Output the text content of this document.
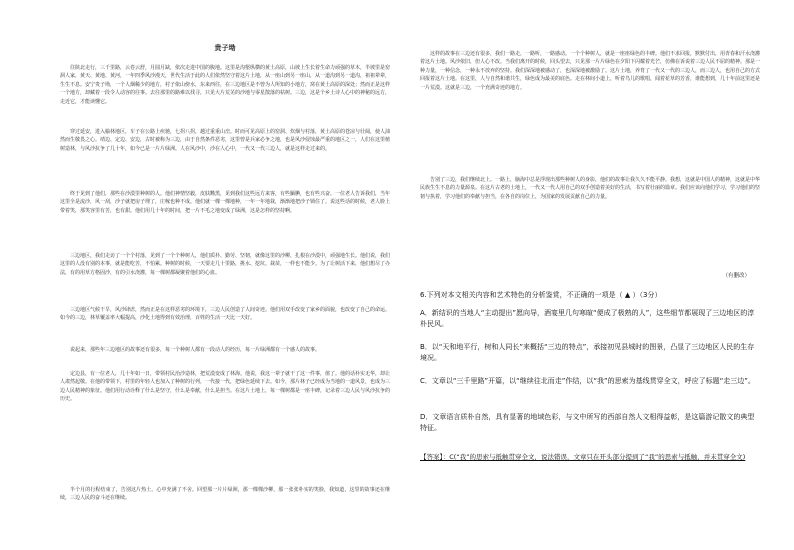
贵子坳

往陕北走行，三千里路，云卷云舒，月圆月缺，依次走进中国的腹地。这里是沟壑纵横的黄土高原，山坡上生长着生命力顽强的草木，半坡里是窑洞人家，黄天、黄地、黄河，一年四季风沙漫天，世代生活于此的人们依然坚守着这片土地，从一座山到另一座山，从一道沟到另一道沟，祖祖辈辈，生生不息。安宁贵子坳，一个人烟稀少的地方，村子依山傍水，东来西往，在三边地区是不曾为人所知的小地方，窝在黄土高原的深处；然而正是这样一个地方，却藏着一段令人动容的往事。去往那里的路难以找寻，只见大片荒芜的沙地与零星散落的枯树。三边，这是个乡土诗人心中的神秘的远方，走近它，才能读懂它。

穿过延安，进入榆林地区，车子在公路上疾驰，七拐八拐，越过重重山峦。时而可见高原上的窑洞、炊烟与村落，黄土高原的苍凉与壮阔，使人油然而生敬畏之心。靖边、定边、安边，古时被称为三边，由于自然条件恶劣，这里曾是兵家必争之地，也是风沙侵蚀最严重的地区之一，人们在这里植树造林，与风沙抗争了几十年，如今已是一片片绿洲。人在风沙中，沙在人心中，一代又一代三边人，就是这样走过来的。

终于见到了他们，那些在沙漠里种树的人。他们神情坚毅，皮肤黝黑，见到我们这些远方来客，有些腼腆，也有些兴奋。一位老人告诉我们，当年这里全是流沙，风一刮，沙子就把房子埋了，庄稼也种不成。他们就一棵一棵地种，一年一年地栽，渐渐地把沙子锁住了。说这些话的时候，老人脸上带着笑，那笑容里有苦，也有甜。他们用几十年的时间，把一片不毛之地变成了绿洲，这是怎样的坚持啊。

三边地区，我们走访了一个个村落，见到了一个个种树人，他们质朴、勤劳、坚韧，就像这里的沙柳，扎根在沙漠中，顽强地生长。他们说，我们这里的人没有别的本事，就是能吃苦，不怕累。种树的时候，一天要走几十里路，挑水、挖坑、栽苗，一样也不能少。为了让树活下来，他们想尽了办法，有的用草方格固沙，有的引水浇灌，每一棵树都凝聚着他们的心血。

三边地区气候干旱，风沙肆虐，然而正是在这样恶劣的环境下，三边人民创造了人间奇迹。他们用双手改变了家乡的面貌，也改变了自己的命运。如今的三边，林草覆盖率大幅提高，沙化土地得到有效治理，百姓的生活一天比一天好。

说起来，那些年三边地区的故事还有很多，每一个种树人都有一段动人的经历，每一片绿洲都有一个感人的故事。

定边县，有一位老人，几十年如一日，带领村民治沙造林，把荒漠变成了林海。他说，我这一辈子就干了这一件事，值了。他的话朴实无华，却让人肃然起敬。在他的带领下，村里的年轻人也加入了种树的行列，一代接一代，把绿色延续下去。如今，那片林子已经成为当地的一道风景，也成为三边人民精神的象征。他们用行动诠释了什么是坚守，什么是奉献，什么是担当。在这片土地上，每一棵树都是一座丰碑，记录着三边人民与风沙抗争的历史。

半个月的行程结束了，告别这片热土，心中充满了不舍。回望那一片片绿洲，那一棵棵沙柳，那一张张朴实的笑脸，我知道，这里的故事还在继续，三边人民的奋斗还在继续。

这样的故事在三边还有很多，我们一路走，一路听，一路感动。一个个种树人，就是一座座绿色的丰碑。他们不求回报，默默付出，用青春和汗水浇灌着这片土地。风沙依旧，但人心不改。当我们离开的时候，回头望去，只见那一片片绿色在夕阳下闪耀着光芒，仿佛在诉说着三边人民不屈的精神。那是一种力量，一种信念，一种永不放弃的坚持。我们深深地被感动了，也深深地被激励了。这片土地，养育了一代又一代的三边人，而三边人，也用自己的方式回报着这片土地。在这里，人与自然和谐共生，绿色成为最美的底色。走在林间小道上，听着鸟儿的歌唱，闻着花草的芳香，谁能想到，几十年前这里还是一片荒漠。这就是三边，一个充满奇迹的地方。

告别了三边，我们继续北上。一路上，脑海中总是浮现出那些种树人的身影，他们的故事让我久久不能平静。我想，这就是中国人的精神，这就是中华民族生生不息的力量源泉。在这片古老的土地上，一代又一代人用自己的双手创造着美好的生活，书写着壮丽的篇章。我们应该向他们学习，学习他们的坚韧与执着，学习他们的奉献与担当，在各自的岗位上，为国家的发展贡献自己的力量。

（有删改）
6.下列对本文相关内容和艺术特色的分析鉴赏，不正确的一项是（ ▲ ）（3分）
A．新结识的当地人“主动提出”愿向导，酒宴里几句寒暄“便成了极熟的人”，这些细节都展现了三边地区的淳朴民风。
B．以“天和地平行，树和人同长”来概括“三边的特点”，承接初见县城时的图景，凸显了三边地区人民的生存境况。
C．文章以“三千里路”开篇，以“继续往北而走”作结，以“我”的思索为基线贯穿全文，呼应了标题“走三边”。
D．文章语言质朴自然，具有显著的地域色彩，与文中所写的西部自然人文相得益彰，是这篇游记散文的典型特征。
【答案】：C(“我”的思索与抵触贯穿全文，说法错误，文章只在开头部分提到了“我”的思索与抵触，并未贯穿全文)
